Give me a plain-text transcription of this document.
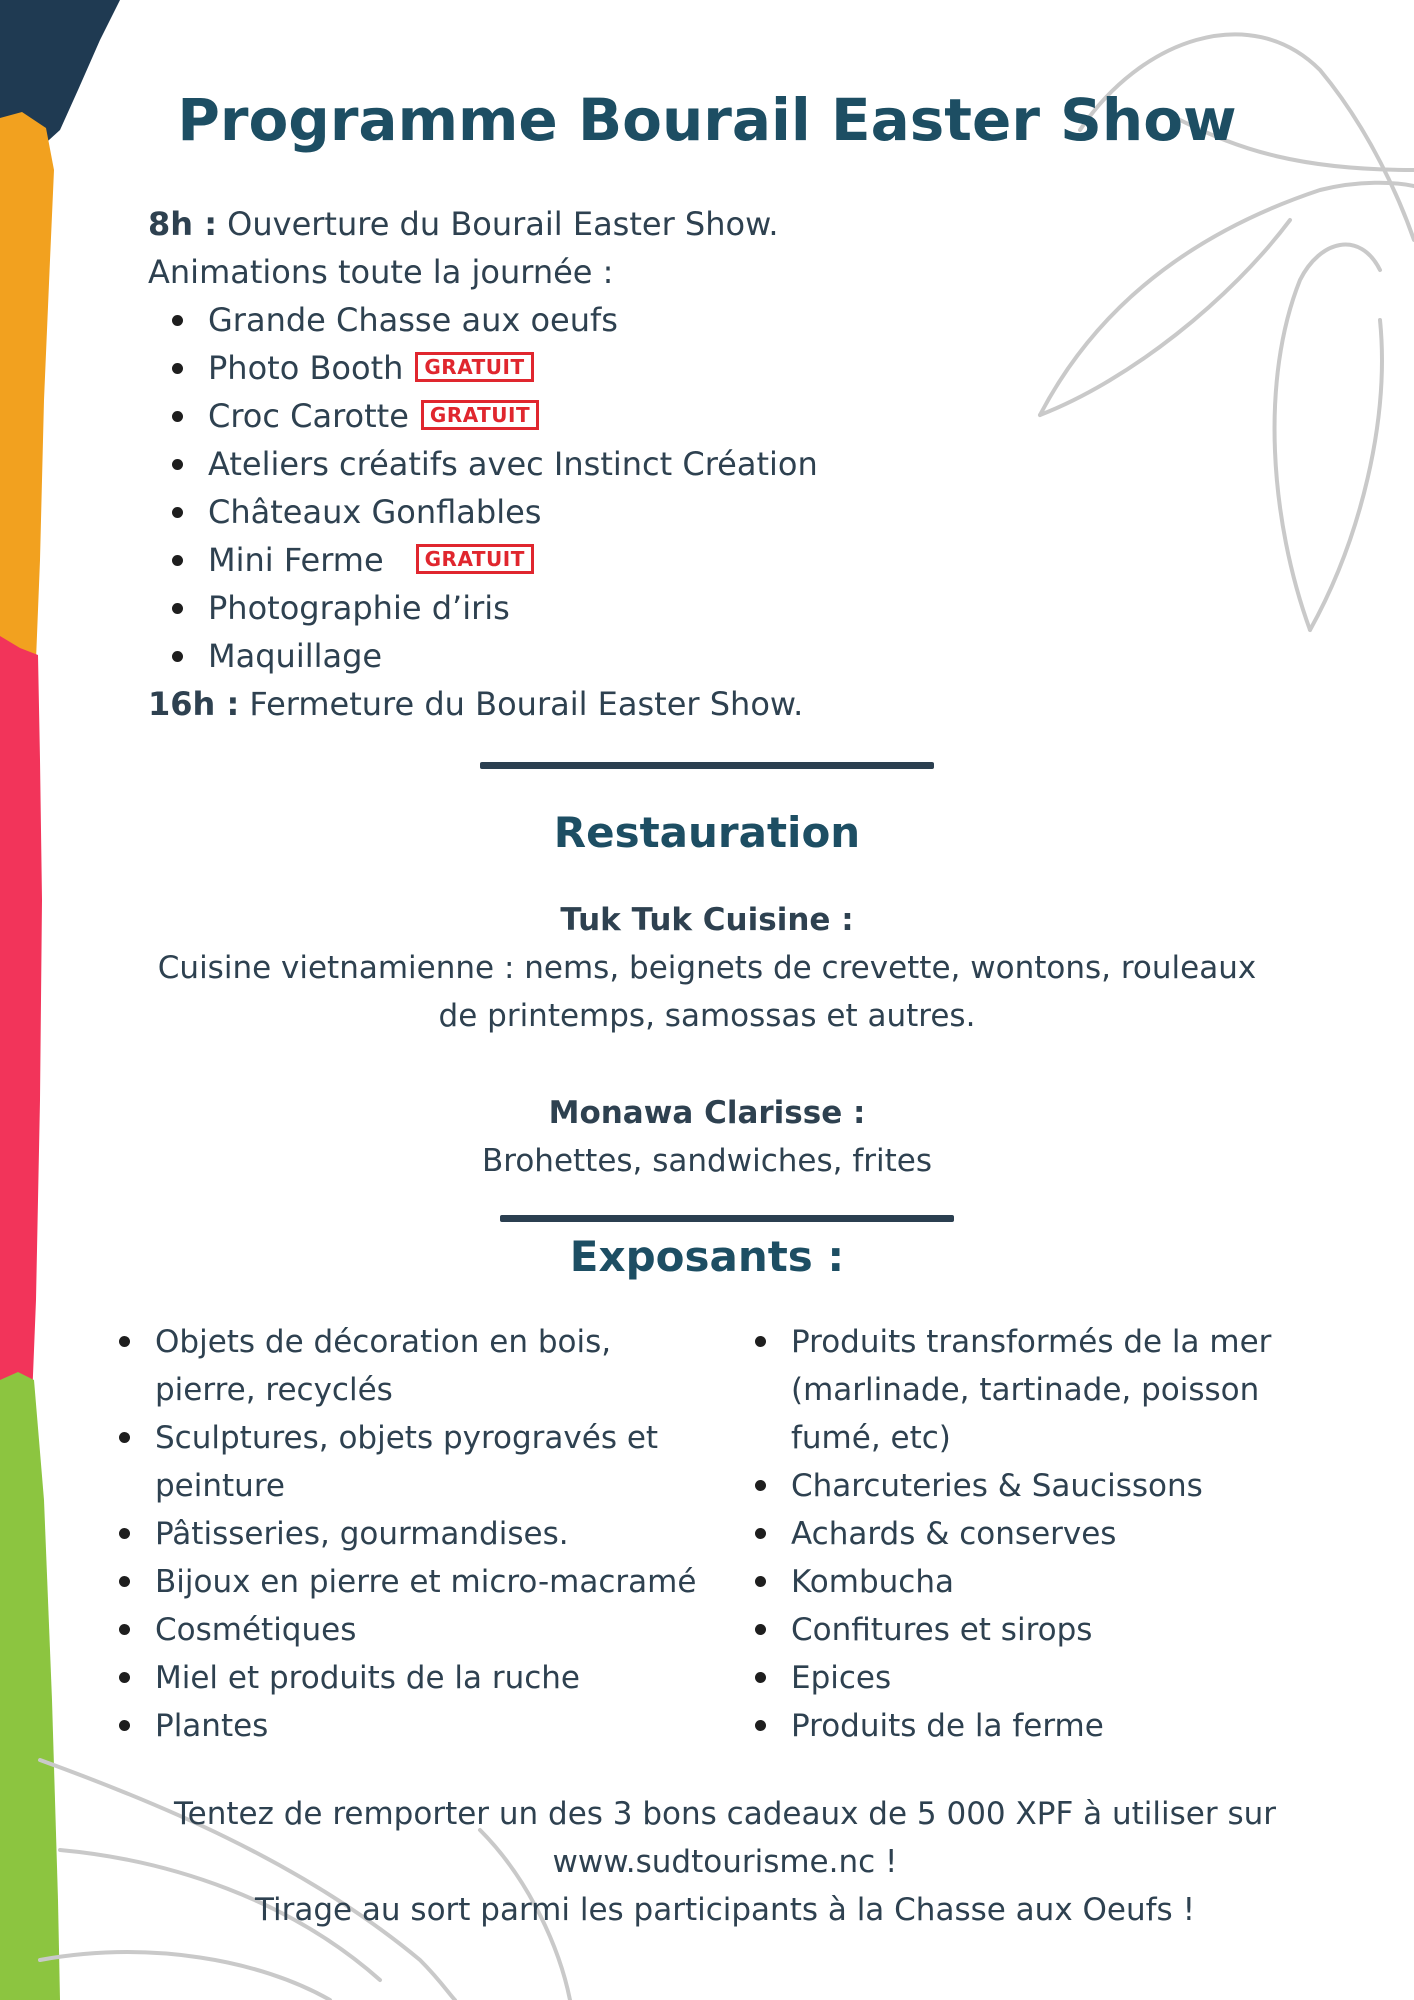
Programme Bourail Easter Show
8h : Ouverture du Bourail Easter Show.
Animations toute la journée :
Grande Chasse aux oeufs
Photo Booth GRATUIT
Croc Carotte GRATUIT
Ateliers créatifs avec Instinct Création
Châteaux Gonflables
Mini Ferme GRATUIT
Photographie d’iris
Maquillage
16h : Fermeture du Bourail Easter Show.
Restauration
Tuk Tuk Cuisine :
Cuisine vietnamienne : nems, beignets de crevette, wontons, rouleaux
de printemps, samossas et autres.
Monawa Clarisse :
Brohettes, sandwiches, frites
Exposants :
Objets de décoration en bois, pierre, recyclés
Sculptures, objets pyrogravés et peinture
Pâtisseries, gourmandises.
Bijoux en pierre et micro-macramé
Cosmétiques
Miel et produits de la ruche
Plantes
Produits transformés de la mer (marlinade, tartinade, poisson fumé, etc)
Charcuteries & Saucissons
Achards & conserves
Kombucha
Confitures et sirops
Epices
Produits de la ferme
Tentez de remporter un des 3 bons cadeaux de 5 000 XPF à utiliser sur
www.sudtourisme.nc !
Tirage au sort parmi les participants à la Chasse aux Oeufs !
